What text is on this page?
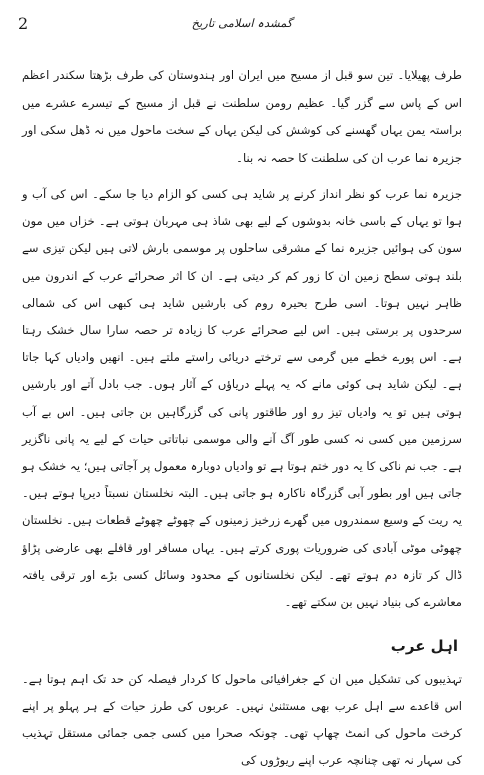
2	گمشدہ اسلامی تاریخ

طرف پھیلایا۔ تین سو قبل از مسیح میں ایران اور ہندوستان کی طرف بڑھتا سکندر اعظم اس کے پاس سے گزر گیا۔ عظیم رومن سلطنت نے قبل از مسیح کے تیسرے عشرے میں براستہ یمن یہاں گھسنے کی کوشش کی لیکن یہاں کے سخت ماحول میں نہ ڈھل سکی اور جزیرہ نما عرب ان کی سلطنت کا حصہ نہ بنا۔

جزیرہ نما عرب کو نظر انداز کرنے پر شاید ہی کسی کو الزام دیا جا سکے۔ اس کی آب و ہوا تو یہاں کے باسی خانہ بدوشوں کے لیے بھی شاذ ہی مہربان ہوتی ہے۔ خزاں میں مون سون کی ہوائیں جزیرہ نما کے مشرقی ساحلوں پر موسمی بارش لاتی ہیں لیکن تیزی سے بلند ہوتی سطح زمین ان کا زور کم کر دیتی ہے۔ ان کا اثر صحرائے عرب کے اندرون میں ظاہر نہیں ہوتا۔ اسی طرح بحیرہ روم کی بارشیں شاید ہی کبھی اس کی شمالی سرحدوں پر برستی ہیں۔ اس لیے صحرائے عرب کا زیادہ تر حصہ سارا سال خشک رہتا ہے۔ اس پورے خطے میں گرمی سے ترختے دریائی راستے ملتے ہیں۔ انھیں وادیاں کہا جاتا ہے۔ لیکن شاید ہی کوئی مانے کہ یہ پہلے دریاؤں کے آثار ہوں۔ جب بادل آتے اور بارشیں ہوتی ہیں تو یہ وادیاں تیز رو اور طاقتور پانی کی گزرگاہیں بن جاتی ہیں۔ اس بے آب سرزمین میں کسی نہ کسی طور آگ آنے والی موسمی نباتاتی حیات کے لیے یہ پانی ناگزیر ہے۔ جب نم ناکی کا یہ دور ختم ہوتا ہے تو وادیاں دوبارہ معمول پر آجاتی ہیں؛ یہ خشک ہو جاتی ہیں اور بطور آبی گزرگاہ ناکارہ ہو جاتی ہیں۔ البتہ نخلستان نسبتاً دیرپا ہوتے ہیں۔ یہ ریت کے وسیع سمندروں میں گھرے زرخیز زمینوں کے چھوٹے چھوٹے قطعات ہیں۔ نخلستان چھوٹی موٹی آبادی کی ضروریات پوری کرتے ہیں۔ یہاں مسافر اور قافلے بھی عارضی پڑاؤ ڈال کر تازہ دم ہوتے تھے۔ لیکن نخلستانوں کے محدود وسائل کسی بڑے اور ترقی یافتہ معاشرے کی بنیاد نہیں بن سکتے تھے۔

اہل عرب

تہذیبوں کی تشکیل میں ان کے جغرافیائی ماحول کا کردار فیصلہ کن حد تک اہم ہوتا ہے۔ اس قاعدے سے اہل عرب بھی مستثنیٰ نہیں۔ عربوں کی طرز حیات کے ہر پہلو پر اپنے کرخت ماحول کی انمٹ چھاپ تھی۔ چونکہ صحرا میں کسی جمی جمائی مستقل تہذیب کی سہار نہ تھی چنانچہ عرب اپنے ریوڑوں کی
